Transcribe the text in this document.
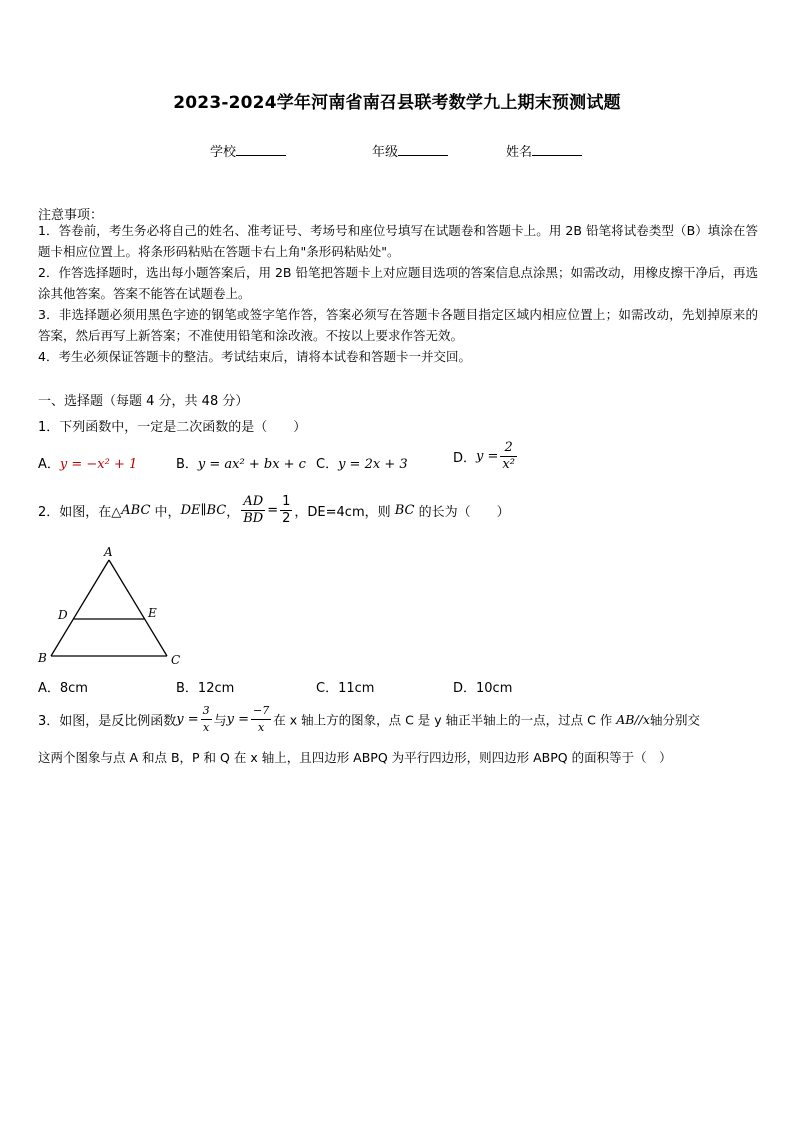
2023-2024学年河南省南召县联考数学九上期末预测试题
学校	年级	姓名
注意事项：
1．答卷前，考生务必将自己的姓名、准考证号、考场号和座位号填写在试题卷和答题卡上。用 2B 铅笔将试卷类型（B）填涂在答题卡相应位置上。将条形码粘贴在答题卡右上角"条形码粘贴处"。
2．作答选择题时，选出每小题答案后，用 2B 铅笔把答题卡上对应题目选项的答案信息点涂黑；如需改动，用橡皮擦干净后，再选涂其他答案。答案不能答在试题卷上。
3．非选择题必须用黑色字迹的钢笔或签字笔作答，答案必须写在答题卡各题目指定区域内相应位置上；如需改动，先划掉原来的答案，然后再写上新答案；不准使用铅笔和涂改液。不按以上要求作答无效。
4．考生必须保证答题卡的整洁。考试结束后，请将本试卷和答题卡一并交回。
一、选择题（每题 4 分，共 48 分）
1．下列函数中，一定是二次函数的是（　　）
A．y = −x² + 1	B．y = ax² + bx + c C．y = 2x + 3	D．$y = \frac{2}{\text{x²}}$
2．如图，在△ABC 中，DE∥BC， $\frac{AD}{BD} = \frac{1}{2}$ ，DE=4cm，则 BC 的长为（　　）
A
D	E
B	C
A．8cm	B．12cm	C．11cm	D．10cm
3．如图，是反比例函数$y = \frac{3}{x}$ 与$y = \frac{-7}{x}$ 在 x 轴上方的图象，点 C 是 y 轴正半轴上的一点，过点 C 作 AB//x轴分别交
这两个图象与点 A 和点 B，P 和 Q 在 x 轴上，且四边形 ABPQ 为平行四边形，则四边形 ABPQ 的面积等于（　）
